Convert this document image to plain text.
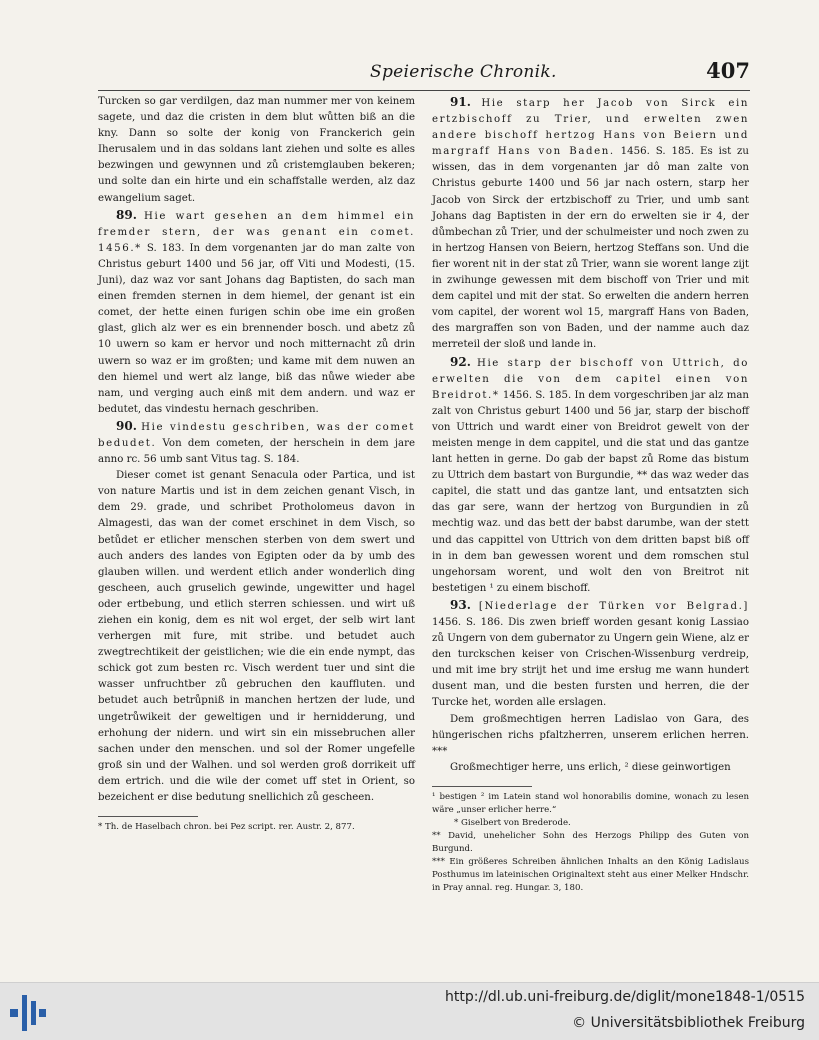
Speierische Chronik.	407

Turcken so gar verdilgen, daz man nummer mer von keinem sagete, und daz die cristen in dem blut wůtten biß an die kny. Dann so solte der konig von Franckerich gein Iherusalem und in das soldans lant ziehen und solte es alles bezwingen und gewynnen und zů cristemglauben bekeren; und solte dan ein hirte und ein schaffstalle werden, alz daz ewangelium saget.

89. Hie wart gesehen an dem himmel ein fremder stern, der was genant ein comet. 1456.* S. 183. In dem vorgenanten jar do man zalte von Christus geburt 1400 und 56 jar, off Viti und Modesti, (15. Juni), daz waz vor sant Johans dag Baptisten, do sach man einen fremden sternen in dem hiemel, der genant ist ein comet, der hette einen furigen schin obe ime ein großen glast, glich alz wer es ein brennender bosch. und abetz zů 10 uwern so kam er hervor und noch mitternacht zů drin uwern so waz er im großten; und kame mit dem nuwen an den hiemel und wert alz lange, biß das nůwe wieder abe nam, und verging auch einß mit dem andern. und waz er bedutet, das vindestu hernach geschriben.

90. Hie vindestu geschriben, was der comet bedudet. Von dem cometen, der herschein in dem jare anno rc. 56 umb sant Vitus tag. S. 184.

Dieser comet ist genant Senacula oder Partica, und ist von nature Martis und ist in dem zeichen genant Visch, in dem 29. grade, und schribet Protholomeus davon in Almagesti, das wan der comet erschinet in dem Visch, so betůdet er etlicher menschen sterben von dem swert und auch anders des landes von Egipten oder da by umb des glauben willen. und werdent etlich ander wonderlich ding gescheen, auch gruselich gewinde, ungewitter und hagel oder ertbebung, und etlich sterren schiessen. und wirt uß ziehen ein konig, dem es nit wol erget, der selb wirt lant verhergen mit fure, mit stribe. und betudet auch zwegtrechtikeit der geistlichen; wie die ein ende nympt, das schick got zum besten rc. Visch werdent tuer und sint die wasser unfruchtber zů gebruchen den kauffluten. und betudet auch betrůpniß in manchen hertzen der lude, und ungetrůwikeit der geweltigen und ir hernidderung, und erhohung der nidern. und wirt sin ein missebruchen aller sachen under den menschen. und sol der Romer ungefelle groß sin und der Walhen. und sol werden groß dorrikeit uff dem ertrich. und die wile der comet uff stet in Orient, so bezeichent er dise bedutung snellichich zů gescheen.

* Th. de Haselbach chron. bei Pez script. rer. Austr. 2, 877.

91. Hie starp her Jacob von Sirck ein ertzbischoff zu Trier, und erwelten zwen andere bischoff hertzog Hans von Beiern und margraff Hans von Baden. 1456. S. 185. Es ist zu wissen, das in dem vorgenanten jar dô man zalte von Christus geburte 1400 und 56 jar nach ostern, starp her Jacob von Sirck der ertzbischoff zu Trier, und umb sant Johans dag Baptisten in der ern do erwelten sie ir 4, der důmbechan zů Trier, und der schulmeister und noch zwen zu in hertzog Hansen von Beiern, hertzog Steffans son. Und die fier worent nit in der stat zů Trier, wann sie worent lange zijt in zwihunge gewessen mit dem bischoff von Trier und mit dem capitel und mit der stat. So erwelten die andern herren vom capitel, der worent wol 15, margraff Hans von Baden, des margraffen son von Baden, und der namme auch daz merreteil der sloß und lande in.

92. Hie starp der bischoff von Uttrich, do erwelten die von dem capitel einen von Breidrot.* 1456. S. 185. In dem vorgeschriben jar alz man zalt von Christus geburt 1400 und 56 jar, starp der bischoff von Uttrich und wardt einer von Breidrot gewelt von der meisten menge in dem cappitel, und die stat und das gantze lant hetten in gerne. Do gab der bapst zů Rome das bistum zu Uttrich dem bastart von Burgundie, ** das waz weder das capitel, die statt und das gantze lant, und entsatzten sich das gar sere, wann der hertzog von Burgundien in zů mechtig waz. und das bett der babst darumbe, wan der stett und das cappittel von Uttrich von dem dritten bapst biß off in in dem ban gewessen worent und dem romschen stul ungehorsam worent, und wolt den von Breitrot nit bestetigen ¹ zu einem bischoff.

93. [Niederlage der Türken vor Belgrad.] 1456. S. 186. Dis zwen brieff worden gesant konig Lassiao zů Ungern von dem gubernator zu Ungern gein Wiene, alz er den turckschen keiser von Crischen-Wissenburg verdreip, und mit ime bry strijt het und ime ersług me wann hundert dusent man, und die besten fursten und herren, die der Turcke het, worden alle erslagen.

Dem großmechtigen herren Ladislao von Gara, des hüngerischen richs pfaltzherren, unserem erlichen herren. ***

Großmechtiger herre, uns erlich, ² diese geinwortigen

¹ bestigen ² im Latein stand wol honorabilis domine, wonach zu lesen wäre „unser erlicher herre.“

* Giselbert von Brederode.

** David, unehelicher Sohn des Herzogs Philipp des Guten von Burgund.

*** Ein größeres Schreiben ähnlichen Inhalts an den König Ladislaus Posthumus im lateinischen Originaltext steht aus einer Melker Hndschr. in Pray annal. reg. Hungar. 3, 180.

http://dl.ub.uni-freiburg.de/diglit/mone1848-1/0515
© Universitätsbibliothek Freiburg
